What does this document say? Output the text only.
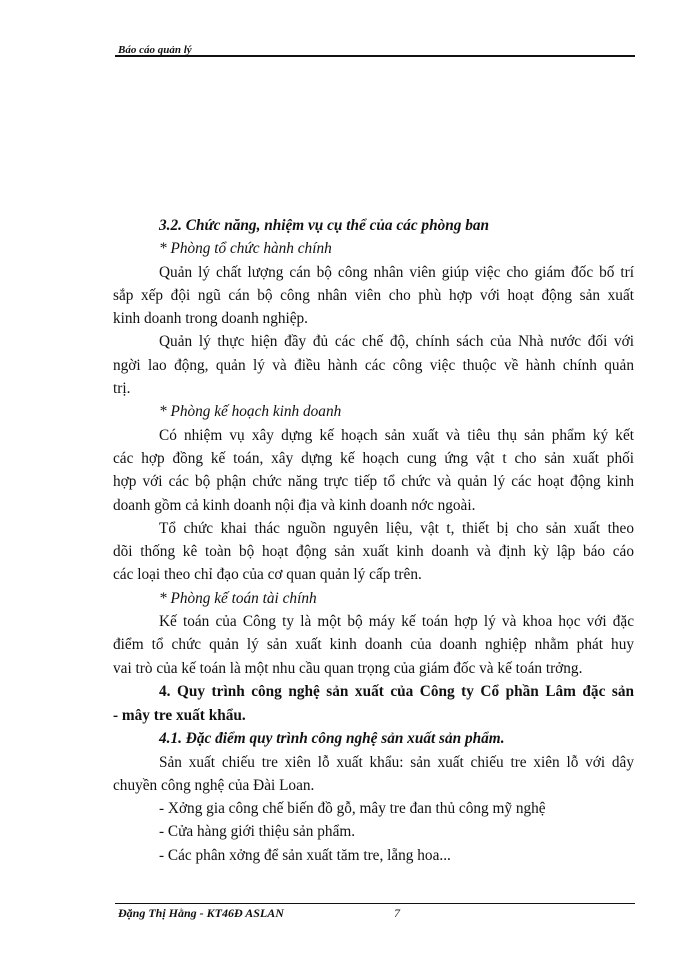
Báo cáo quản lý

3.2. Chức năng, nhiệm vụ cụ thể của các phòng ban

* Phòng tổ chức hành chính

Quản lý chất lượng cán bộ công nhân viên giúp việc cho giám đốc bố trí

sắp xếp đội ngũ cán bộ công nhân viên cho phù hợp với hoạt động sản xuất

kinh doanh trong doanh nghiệp.

Quản lý thực hiện đầy đủ các chế độ, chính sách của Nhà nước đối với

ngời lao động, quản lý và điều hành các công việc thuộc về hành chính quản

trị.

* Phòng kế hoạch kinh doanh

Có nhiệm vụ xây dựng kế hoạch sản xuất và tiêu thụ sản phẩm ký kết

các hợp đồng kế toán, xây dựng kế hoạch cung ứng vật t cho sản xuất phối

hợp với các bộ phận chức năng trực tiếp tổ chức và quản lý các hoạt động kinh

doanh gồm cả kinh doanh nội địa và kinh doanh nớc ngoài.

Tổ chức khai thác nguồn nguyên liệu, vật t, thiết bị cho sản xuất theo

dõi thống kê toàn bộ hoạt động sản xuất kinh doanh và định kỳ lập báo cáo

các loại theo chỉ đạo của cơ quan quản lý cấp trên.

* Phòng kế toán tài chính

Kế toán của Công ty là một bộ máy kế toán hợp lý và khoa học với đặc

điểm tổ chức quản lý sản xuất kinh doanh của doanh nghiệp nhằm phát huy

vai trò của kế toán là một nhu cầu quan trọng của giám đốc và kế toán trởng.

4. Quy trình công nghệ sản xuất của Công ty Cổ phần Lâm đặc sản

- mây tre xuất khẩu.

4.1. Đặc điểm quy trình công nghệ sản xuất sản phẩm.

Sản xuất chiếu tre xiên lỗ xuất khẩu: sản xuất chiếu tre xiên lỗ với dây

chuyền công nghệ của Đài Loan.

- Xởng gia công chế biến đồ gỗ, mây tre đan thủ công mỹ nghệ

- Cửa hàng giới thiệu sản phẩm.

- Các phân xởng để sản xuất tăm tre, lẵng hoa...

Đặng Thị Hằng - KT46Đ ASLAN	7
